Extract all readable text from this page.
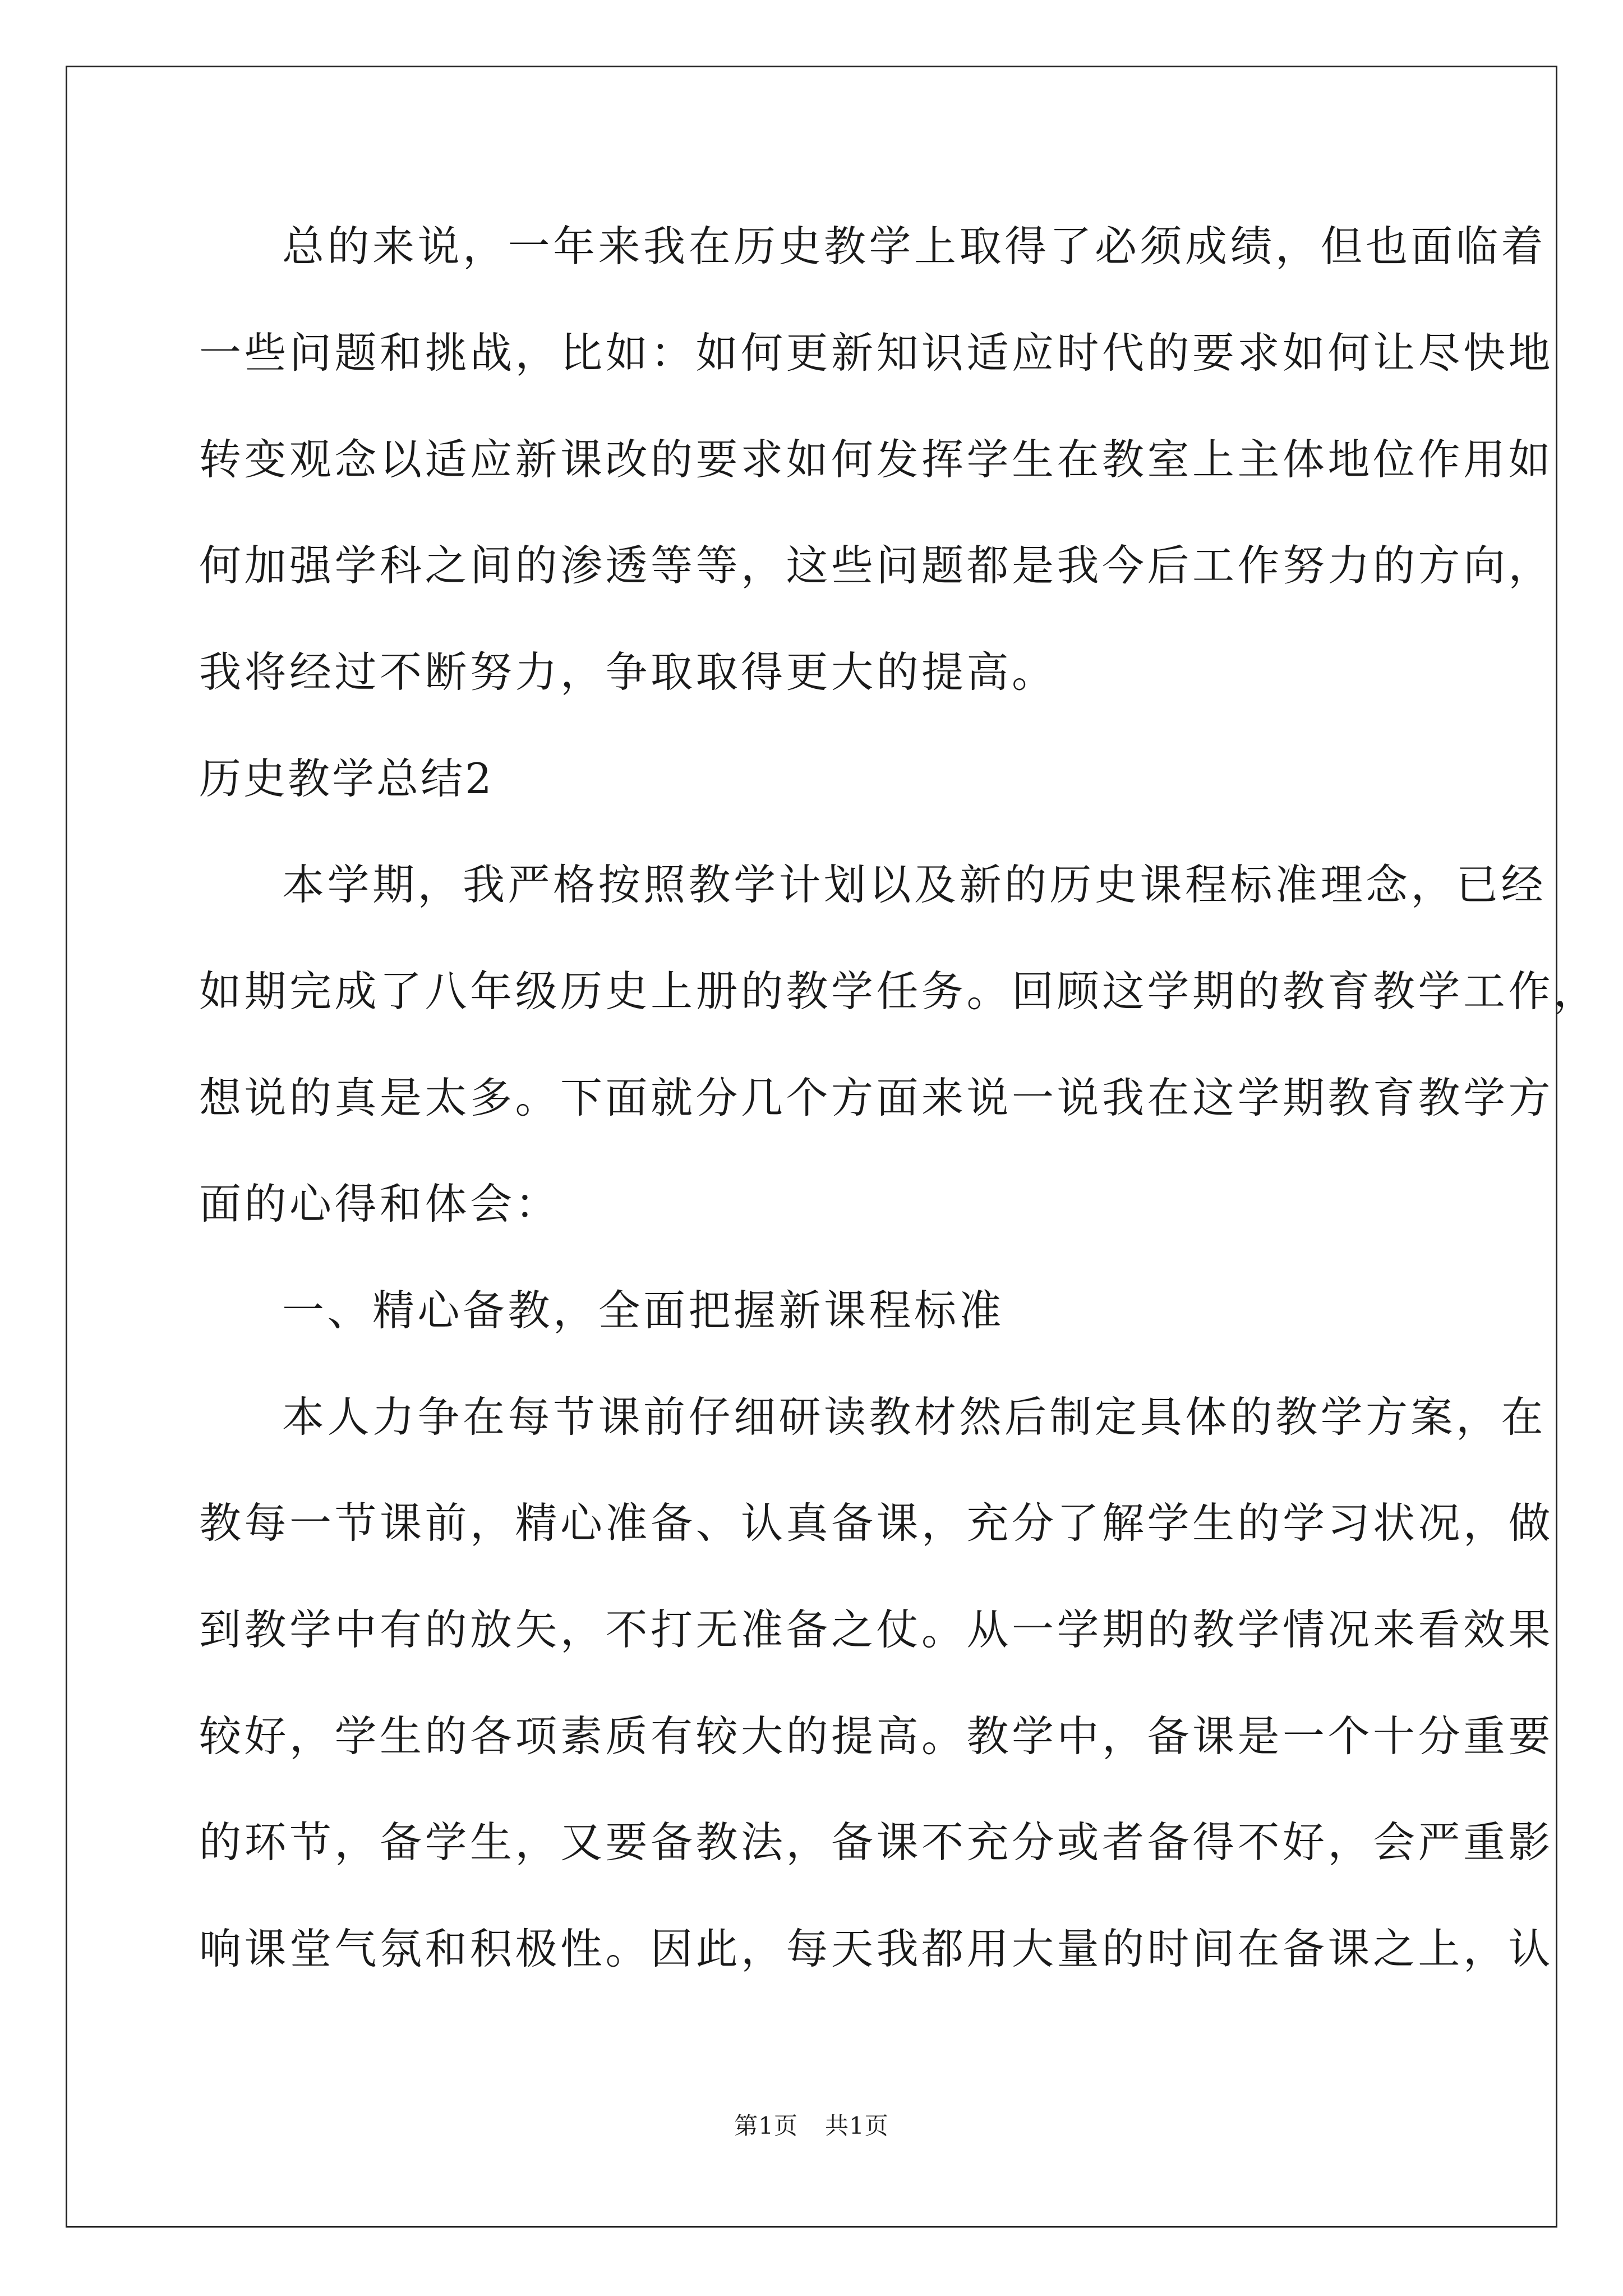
总的来说，一年来我在历史教学上取得了必须成绩，但也面临着
一些问题和挑战，比如：如何更新知识适应时代的要求如何让尽快地
转变观念以适应新课改的要求如何发挥学生在教室上主体地位作用如
何加强学科之间的渗透等等，这些问题都是我今后工作努力的方向，
我将经过不断努力，争取取得更大的提高。
历史教学总结2
本学期，我严格按照教学计划以及新的历史课程标准理念，已经
如期完成了八年级历史上册的教学任务。回顾这学期的教育教学工作，
想说的真是太多。下面就分几个方面来说一说我在这学期教育教学方
面的心得和体会：
一、精心备教，全面把握新课程标准
本人力争在每节课前仔细研读教材然后制定具体的教学方案，在
教每一节课前，精心准备、认真备课，充分了解学生的学习状况，做
到教学中有的放矢，不打无准备之仗。从一学期的教学情况来看效果
较好，学生的各项素质有较大的提高。教学中，备课是一个十分重要
的环节，备学生，又要备教法，备课不充分或者备得不好，会严重影
响课堂气氛和积极性。因此，每天我都用大量的时间在备课之上，认
第1页 共1页
